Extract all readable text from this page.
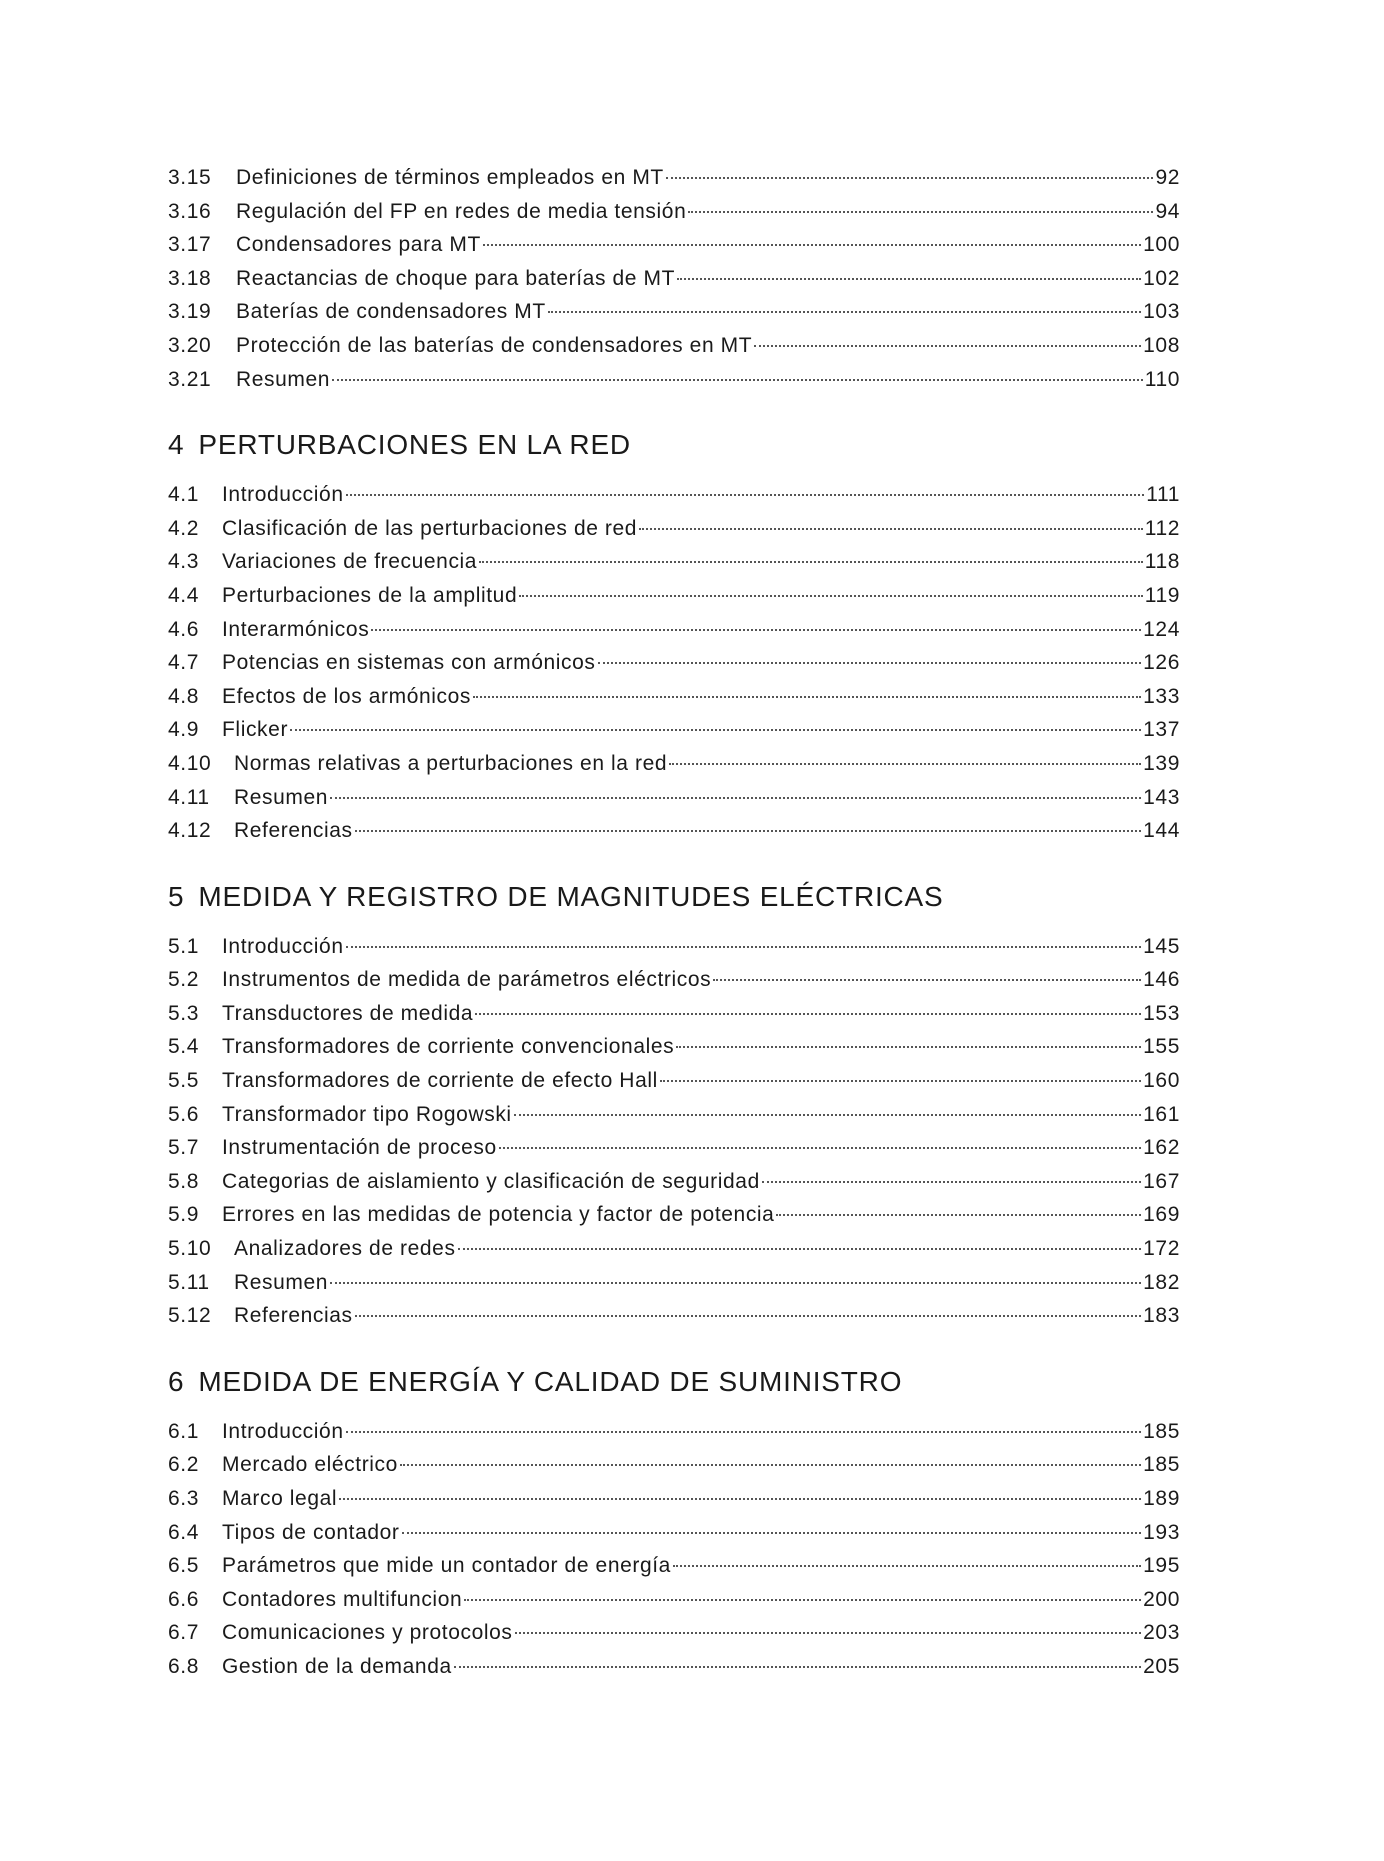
3.15	Definiciones de términos empleados en MT	92
3.16	Regulación del FP en redes de media tensión	94
3.17	Condensadores para MT	100
3.18	Reactancias de choque para baterías de MT	102
3.19	Baterías de condensadores MT	103
3.20	Protección de las baterías de condensadores en MT	108
3.21	Resumen	110
4 PERTURBACIONES EN LA RED
4.1	Introducción	111
4.2	Clasificación de las perturbaciones de red	112
4.3	Variaciones de frecuencia	118
4.4	Perturbaciones de la amplitud	119
4.6	Interarmónicos	124
4.7	Potencias en sistemas con armónicos	126
4.8	Efectos de los armónicos	133
4.9	Flicker	137
4.10	Normas relativas a perturbaciones en la red	139
4.11	Resumen	143
4.12	Referencias	144
5 MEDIDA Y REGISTRO DE MAGNITUDES ELÉCTRICAS
5.1	Introducción	145
5.2	Instrumentos de medida de parámetros eléctricos	146
5.3	Transductores de medida	153
5.4	Transformadores de corriente convencionales	155
5.5	Transformadores de corriente de efecto Hall	160
5.6	Transformador tipo Rogowski	161
5.7	Instrumentación de proceso	162
5.8	Categorias de aislamiento y clasificación de seguridad	167
5.9	Errores en las medidas de potencia y factor de potencia	169
5.10	Analizadores de redes	172
5.11	Resumen	182
5.12	Referencias	183
6 MEDIDA DE ENERGÍA Y CALIDAD DE SUMINISTRO
6.1	Introducción	185
6.2	Mercado eléctrico	185
6.3	Marco legal	189
6.4	Tipos de contador	193
6.5	Parámetros que mide un contador de energía	195
6.6	Contadores multifuncion	200
6.7	Comunicaciones y protocolos	203
6.8	Gestion de la demanda	205
